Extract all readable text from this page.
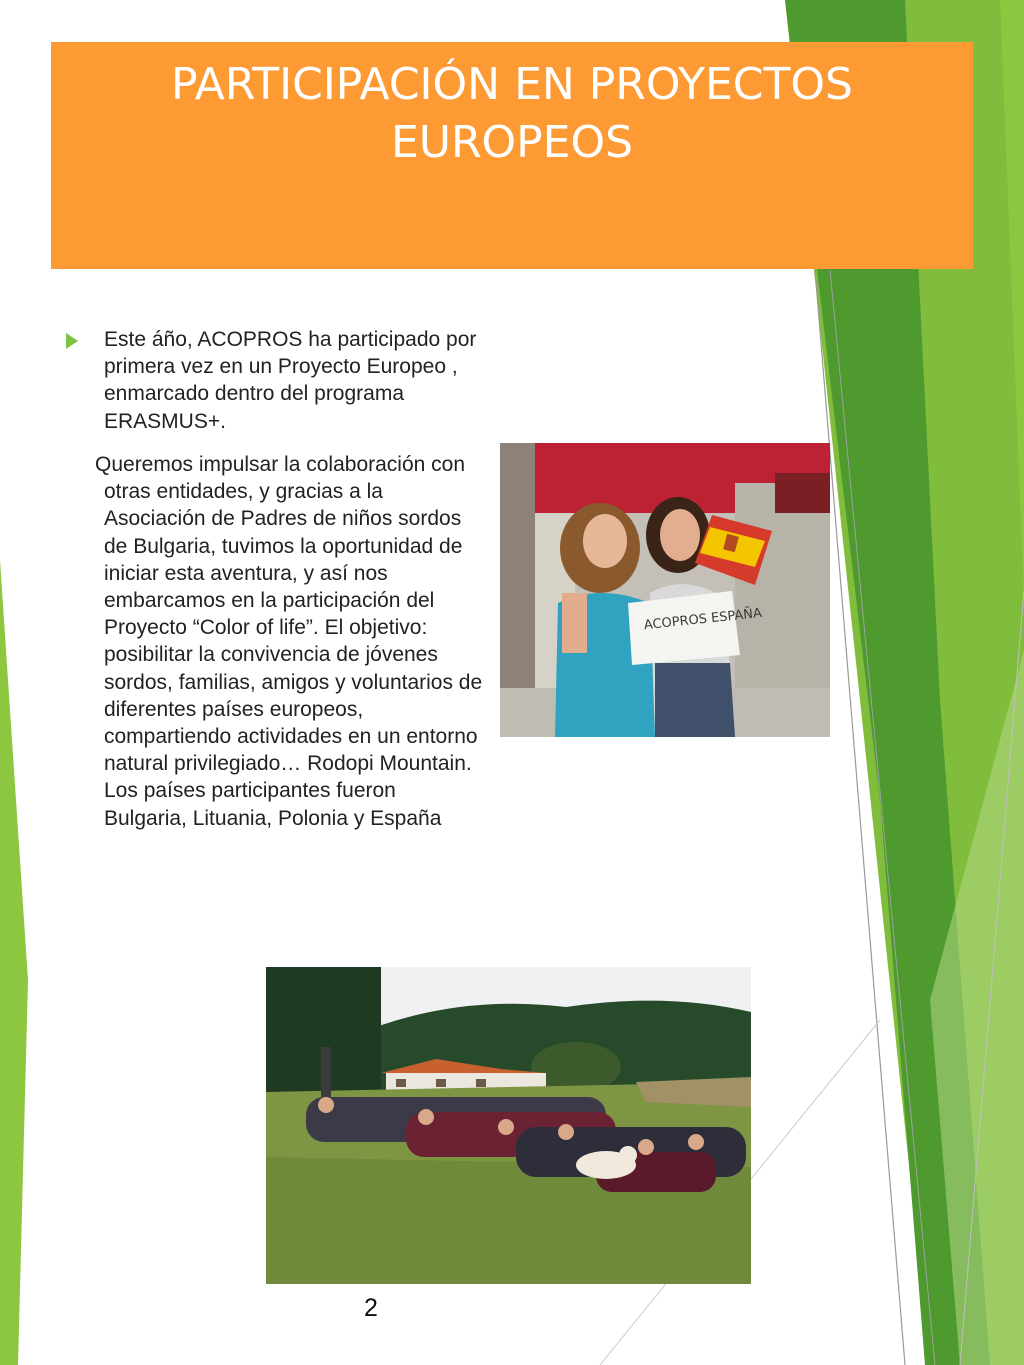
PARTICIPACIÓN EN PROYECTOS EUROPEOS
Este áño, ACOPROS ha participado por primera vez en un Proyecto Europeo , enmarcado dentro del programa ERASMUS+.
Queremos impulsar la colaboración con otras entidades, y gracias a la Asociación de Padres de niños sordos de Bulgaria, tuvimos la oportunidad de iniciar esta aventura, y así nos embarcamos en la participación del Proyecto “Color of life”. El objetivo: posibilitar la convivencia de jóvenes sordos, familias, amigos y voluntarios de diferentes países europeos, compartiendo actividades en un entorno natural privilegiado… Rodopi Mountain. Los países participantes fueron Bulgaria, Lituania, Polonia y España
ACOPROS ESPAÑA
2
